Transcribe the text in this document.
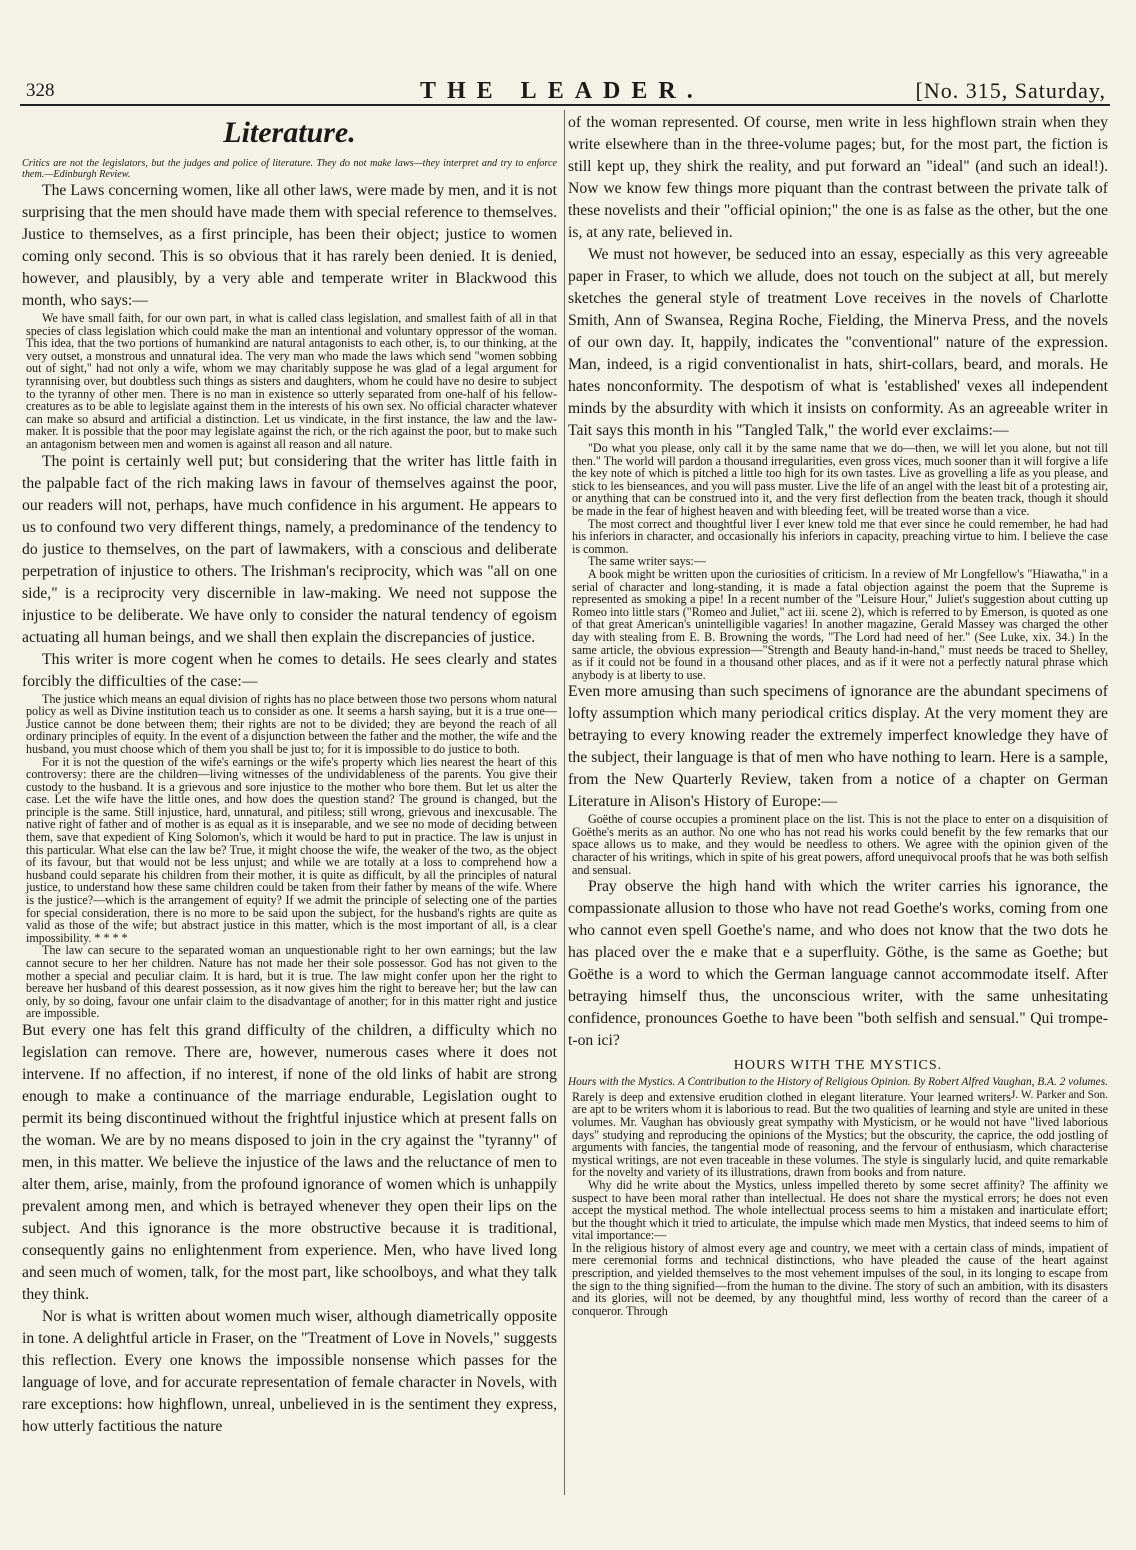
328	THE LEADER.	[No. 315, Saturday,
Literature.

Critics are not the legislators, but the judges and police of literature. They do not make laws—they interpret and try to enforce them.—Edinburgh Review.

The Laws concerning women, like all other laws, were made by men, and it is not surprising that the men should have made them with special reference to themselves. Justice to themselves, as a first principle, has been their object; justice to women coming only second. This is so obvious that it has rarely been denied. It is denied, however, and plausibly, by a very able and temperate writer in Blackwood this month, who says:—

We have small faith, for our own part, in what is called class legislation, and smallest faith of all in that species of class legislation which could make the man an intentional and voluntary oppressor of the woman. This idea, that the two portions of humankind are natural antagonists to each other, is, to our thinking, at the very outset, a monstrous and unnatural idea. The very man who made the laws which send "women sobbing out of sight," had not only a wife, whom we may charitably suppose he was glad of a legal argument for tyrannising over, but doubtless such things as sisters and daughters, whom he could have no desire to subject to the tyranny of other men. There is no man in existence so utterly separated from one-half of his fellow-creatures as to be able to legislate against them in the interests of his own sex. No official character whatever can make so absurd and artificial a distinction. Let us vindicate, in the first instance, the law and the law-maker. It is possible that the poor may legislate against the rich, or the rich against the poor, but to make such an antagonism between men and women is against all reason and all nature.

The point is certainly well put; but considering that the writer has little faith in the palpable fact of the rich making laws in favour of themselves against the poor, our readers will not, perhaps, have much confidence in his argument. He appears to us to confound two very different things, namely, a predominance of the tendency to do justice to themselves, on the part of lawmakers, with a conscious and deliberate perpetration of injustice to others. The Irishman's reciprocity, which was "all on one side," is a reciprocity very discernible in law-making. We need not suppose the injustice to be deliberate. We have only to consider the natural tendency of egoism actuating all human beings, and we shall then explain the discrepancies of justice.

This writer is more cogent when he comes to details. He sees clearly and states forcibly the difficulties of the case:—

The justice which means an equal division of rights has no place between those two persons whom natural policy as well as Divine institution teach us to consider as one. It seems a harsh saying, but it is a true one—Justice cannot be done between them; their rights are not to be divided; they are beyond the reach of all ordinary principles of equity. In the event of a disjunction between the father and the mother, the wife and the husband, you must choose which of them you shall be just to; for it is impossible to do justice to both.

For it is not the question of the wife's earnings or the wife's property which lies nearest the heart of this controversy: there are the children—living witnesses of the undividableness of the parents. You give their custody to the husband. It is a grievous and sore injustice to the mother who bore them. But let us alter the case. Let the wife have the little ones, and how does the question stand? The ground is changed, but the principle is the same. Still injustice, hard, unnatural, and pitiless; still wrong, grievous and inexcusable. The native right of father and of mother is as equal as it is inseparable, and we see no mode of deciding between them, save that expedient of King Solomon's, which it would be hard to put in practice. The law is unjust in this particular. What else can the law be? True, it might choose the wife, the weaker of the two, as the object of its favour, but that would not be less unjust; and while we are totally at a loss to comprehend how a husband could separate his children from their mother, it is quite as difficult, by all the principles of natural justice, to understand how these same children could be taken from their father by means of the wife. Where is the justice?—which is the arrangement of equity? If we admit the principle of selecting one of the parties for special consideration, there is no more to be said upon the subject, for the husband's rights are quite as valid as those of the wife; but abstract justice in this matter, which is the most important of all, is a clear impossibility. * * * *

The law can secure to the separated woman an unquestionable right to her own earnings; but the law cannot secure to her her children. Nature has not made her their sole possessor. God has not given to the mother a special and peculiar claim. It is hard, but it is true. The law might confer upon her the right to bereave her husband of this dearest possession, as it now gives him the right to bereave her; but the law can only, by so doing, favour one unfair claim to the disadvantage of another; for in this matter right and justice are impossible.

But every one has felt this grand difficulty of the children, a difficulty which no legislation can remove. There are, however, numerous cases where it does not intervene. If no affection, if no interest, if none of the old links of habit are strong enough to make a continuance of the marriage endurable, Legislation ought to permit its being discontinued without the frightful injustice which at present falls on the woman. We are by no means disposed to join in the cry against the "tyranny" of men, in this matter. We believe the injustice of the laws and the reluctance of men to alter them, arise, mainly, from the profound ignorance of women which is unhappily prevalent among men, and which is betrayed whenever they open their lips on the subject. And this ignorance is the more obstructive because it is traditional, consequently gains no enlightenment from experience. Men, who have lived long and seen much of women, talk, for the most part, like schoolboys, and what they talk they think.

Nor is what is written about women much wiser, although diametrically opposite in tone. A delightful article in Fraser, on the "Treatment of Love in Novels," suggests this reflection. Every one knows the impossible nonsense which passes for the language of love, and for accurate representation of female character in Novels, with rare exceptions: how highflown, unreal, unbelieved in is the sentiment they express, how utterly factitious the nature

of the woman represented. Of course, men write in less highflown strain when they write elsewhere than in the three-volume pages; but, for the most part, the fiction is still kept up, they shirk the reality, and put forward an "ideal" (and such an ideal!). Now we know few things more piquant than the contrast between the private talk of these novelists and their "official opinion;" the one is as false as the other, but the one is, at any rate, believed in.

We must not however, be seduced into an essay, especially as this very agreeable paper in Fraser, to which we allude, does not touch on the subject at all, but merely sketches the general style of treatment Love receives in the novels of Charlotte Smith, Ann of Swansea, Regina Roche, Fielding, the Minerva Press, and the novels of our own day. It, happily, indicates the "conventional" nature of the expression. Man, indeed, is a rigid conventionalist in hats, shirt-collars, beard, and morals. He hates nonconformity. The despotism of what is 'established' vexes all independent minds by the absurdity with which it insists on conformity. As an agreeable writer in Tait says this month in his "Tangled Talk," the world ever exclaims:—

"Do what you please, only call it by the same name that we do—then, we will let you alone, but not till then." The world will pardon a thousand irregularities, even gross vices, much sooner than it will forgive a life the key note of which is pitched a little too high for its own tastes. Live as grovelling a life as you please, and stick to les bienseances, and you will pass muster. Live the life of an angel with the least bit of a protesting air, or anything that can be construed into it, and the very first deflection from the beaten track, though it should be made in the fear of highest heaven and with bleeding feet, will be treated worse than a vice.

The most correct and thoughtful liver I ever knew told me that ever since he could remember, he had had his inferiors in character, and occasionally his inferiors in capacity, preaching virtue to him. I believe the case is common.

The same writer says:—

A book might be written upon the curiosities of criticism. In a review of Mr Longfellow's "Hiawatha," in a serial of character and long-standing, it is made a fatal objection against the poem that the Supreme is represented as smoking a pipe! In a recent number of the "Leisure Hour," Juliet's suggestion about cutting up Romeo into little stars ("Romeo and Juliet," act iii. scene 2), which is referred to by Emerson, is quoted as one of that great American's unintelligible vagaries! In another magazine, Gerald Massey was charged the other day with stealing from E. B. Browning the words, "The Lord had need of her." (See Luke, xix. 34.) In the same article, the obvious expression—"Strength and Beauty hand-in-hand," must needs be traced to Shelley, as if it could not be found in a thousand other places, and as if it were not a perfectly natural phrase which anybody is at liberty to use.

Even more amusing than such specimens of ignorance are the abundant specimens of lofty assumption which many periodical critics display. At the very moment they are betraying to every knowing reader the extremely imperfect knowledge they have of the subject, their language is that of men who have nothing to learn. Here is a sample, from the New Quarterly Review, taken from a notice of a chapter on German Literature in Alison's History of Europe:—

Goëthe of course occupies a prominent place on the list. This is not the place to enter on a disquisition of Goëthe's merits as an author. No one who has not read his works could benefit by the few remarks that our space allows us to make, and they would be needless to others. We agree with the opinion given of the character of his writings, which in spite of his great powers, afford unequivocal proofs that he was both selfish and sensual.

Pray observe the high hand with which the writer carries his ignorance, the compassionate allusion to those who have not read Goethe's works, coming from one who cannot even spell Goethe's name, and who does not know that the two dots he has placed over the e make that e a superfluity. Göthe, is the same as Goethe; but Goëthe is a word to which the German language cannot accommodate itself. After betraying himself thus, the unconscious writer, with the same unhesitating confidence, pronounces Goethe to have been "both selfish and sensual." Qui trompe-t-on ici?

HOURS WITH THE MYSTICS.
Hours with the Mystics. A Contribution to the History of Religious Opinion. By Robert Alfred Vaughan, B.A. 2 volumes.
J. W. Parker and Son.

Rarely is deep and extensive erudition clothed in elegant literature. Your learned writers are apt to be writers whom it is laborious to read. But the two qualities of learning and style are united in these volumes. Mr. Vaughan has obviously great sympathy with Mysticism, or he would not have "lived laborious days" studying and reproducing the opinions of the Mystics; but the obscurity, the caprice, the odd jostling of arguments with fancies, the tangential mode of reasoning, and the fervour of enthusiasm, which characterise mystical writings, are not even traceable in these volumes. The style is singularly lucid, and quite remarkable for the novelty and variety of its illustrations, drawn from books and from nature.

Why did he write about the Mystics, unless impelled thereto by some secret affinity? The affinity we suspect to have been moral rather than intellectual. He does not share the mystical errors; he does not even accept the mystical method. The whole intellectual process seems to him a mistaken and inarticulate effort; but the thought which it tried to articulate, the impulse which made men Mystics, that indeed seems to him of vital importance:—

In the religious history of almost every age and country, we meet with a certain class of minds, impatient of mere ceremonial forms and technical distinctions, who have pleaded the cause of the heart against prescription, and yielded themselves to the most vehement impulses of the soul, in its longing to escape from the sign to the thing signified—from the human to the divine. The story of such an ambition, with its disasters and its glories, will not be deemed, by any thoughtful mind, less worthy of record than the career of a conqueror. Through
